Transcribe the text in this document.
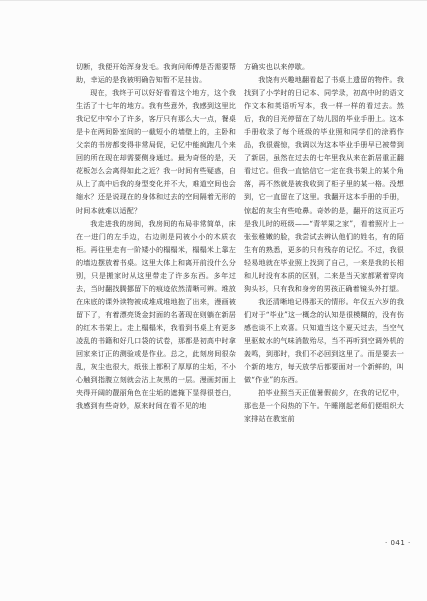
切断，我便开始浑身发毛。我询问师傅是否需要帮助，幸运的是我被明确告知暂不足挂齿。

现在，我终于可以好好看看这个地方，这个我生活了十七年的地方。我有些意外，我感到这里比我记忆中窄小了许多，客厅只有那么大一点，餐桌是卡在两间卧室间的一截短小的墙壁上的，主卧和父亲的书房都变得非常局促，记忆中能疯跑几个来回的所在现在却需要侧身通过。最为奇怪的是，天花板怎么会离得如此之近？我一时间有些疑惑，自从上了高中后我的身型变化并不大，难道空间也会缩水？还是说现在的身体和过去的空间隔着无形的时间本就难以适配？

我走进我的房间，我房间的布局非常简单，床在一进门的左手边，右边则是同被小小的木质衣柜。再往里走有一阶矮小的榻榻米，榻榻米上靠左的墙边摆放着书桌。这里大体上和离开前没什么分别，只是搬家时从这里带走了许多东西。多年过去，当时翻找腾挪留下的痕迹依然清晰可辨。堆放在床底的课外读物被成堆成堆地抱了出来，漫画被留下了，有着漂亮烫金封面的名著现在则躺在新居的红木书架上。走上榻榻米，我看到书桌上有更多凌乱的书籍和好几口袋的试卷，那都是初高中时拿回家来订正的测验或是作业。总之，此刻房间很杂乱，灰尘也很大，纸张上都积了厚厚的尘垢，不小心触到指腹立刻就会沾上灰黑的一层。漫画封面上夹得开阔的靓丽角色在尘垢的遮掩下显得很苍白，我感到有些奇妙，原来时间在看不见的地

方确实也以来停歇。

我饶有兴趣地翻看起了书桌上遗留的物件。我找到了小学时的日记本、同学录，初高中时的语文作文本和英语听写本，我一样一样的看过去。然后，我的目光停留在了幼儿园的毕业手册上。这本手册收录了每个班级的毕业照和同学们的涂鸦作品，我很震惊，我调以为这本毕业手册早已被带到了新居，虽然在过去的七年里我从来在新居重正翻看过它。但我一直惦信它一定在我书架上的某个角落，再不然就是被我收到了柜子里的某一格。没想到，它一直留在了这里。我翻开这本手册的手册，惊起的灰尘有些呛鼻。奇妙的是，翻开的这页正巧是我儿时的班级——“青苹果之家”，看着照片上一张张稚嫩的脸，我尝试去辨认他们的姓名，有的陌生有的熟悉，更多的只有残存的记忆。不过，我很轻易地就在毕业照上找到了自己，一来是我的长相和儿时没有本质的区别，二来是当天家都紧着穿肉狗头衫，只有我和身旁的男孩正确着镜头外打望。

我还清晰地记得那天的情形。年仅五六岁的我们对于“毕业”这一概念的认知是很模糊的，没有伤感也谈不上欢喜。只知道当这个夏天过去，当空气里驱蚊水的气味消散殆尽，当不再听到空调外机的轰鸣，到那时，我们不必回到这里了。而是要去一个新的地方，每天放学后都要面对一个新鲜的，叫做“作业”的东西。

拍毕业照当天正值暑假前夕，在我的记忆中，那也是一个闷热的下午。午睡刚起老师们便组织大家排站在教室前

· 041 ·
